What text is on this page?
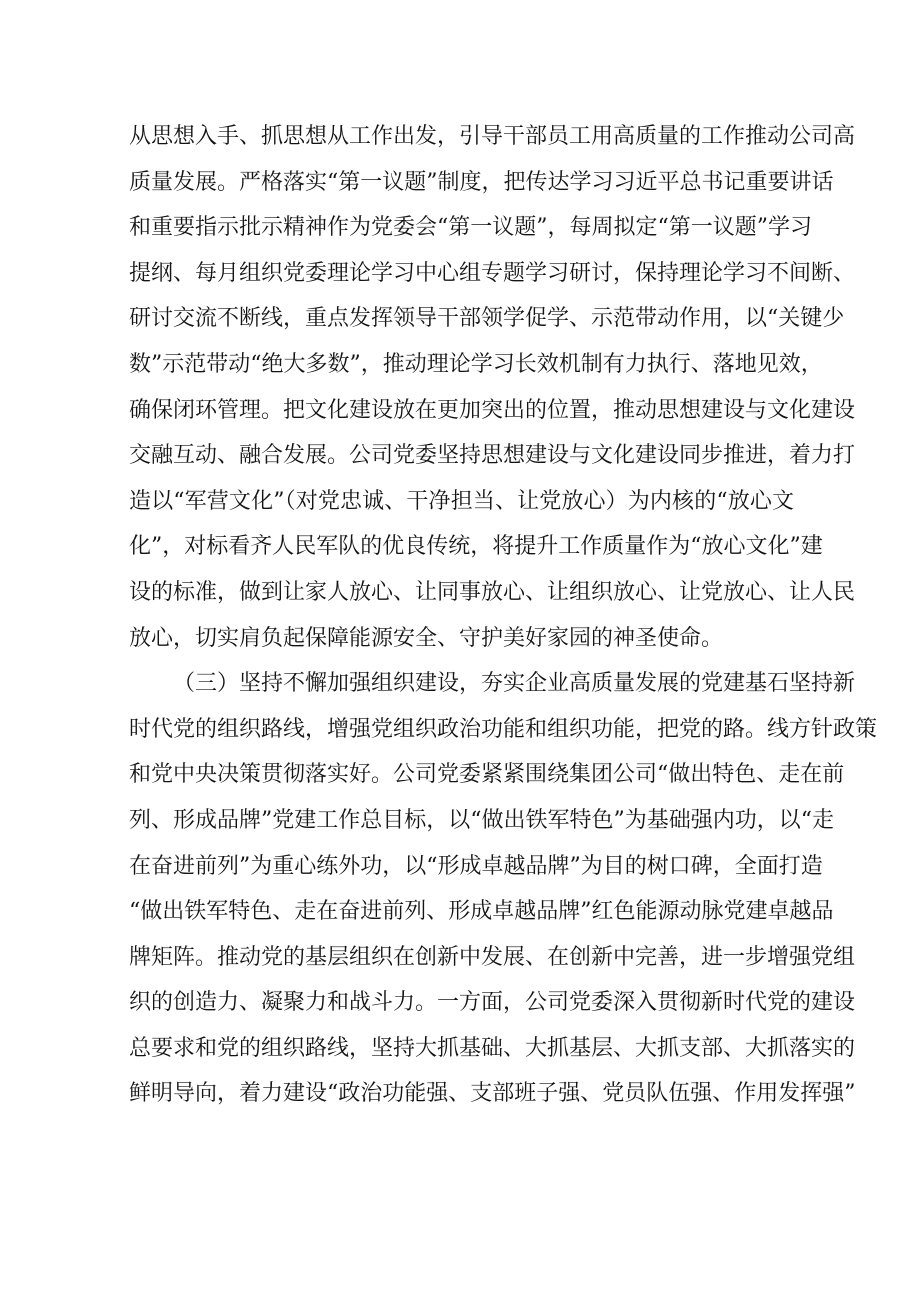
从思想入手、抓思想从工作出发，引导干部员工用高质量的工作推动公司高
质量发展。严格落实“第一议题”制度，把传达学习习近平总书记重要讲话
和重要指示批示精神作为党委会“第一议题”，每周拟定“第一议题”学习
提纲、每月组织党委理论学习中心组专题学习研讨，保持理论学习不间断、
研讨交流不断线，重点发挥领导干部领学促学、示范带动作用，以“关键少
数”示范带动“绝大多数”，推动理论学习长效机制有力执行、落地见效，
确保闭环管理。把文化建设放在更加突出的位置，推动思想建设与文化建设
交融互动、融合发展。公司党委坚持思想建设与文化建设同步推进，着力打
造以“军营文化”（对党忠诚、干净担当、让党放心）为内核的“放心文
化”，对标看齐人民军队的优良传统，将提升工作质量作为“放心文化”建
设的标准，做到让家人放心、让同事放心、让组织放心、让党放心、让人民
放心，切实肩负起保障能源安全、守护美好家园的神圣使命。
（三）坚持不懈加强组织建设，夯实企业高质量发展的党建基石坚持新
时代党的组织路线，增强党组织政治功能和组织功能，把党的路。线方针政策
和党中央决策贯彻落实好。公司党委紧紧围绕集团公司“做出特色、走在前
列、形成品牌”党建工作总目标，以“做出铁军特色”为基础强内功，以“走
在奋进前列”为重心练外功，以“形成卓越品牌”为目的树口碑，全面打造
“做出铁军特色、走在奋进前列、形成卓越品牌”红色能源动脉党建卓越品
牌矩阵。推动党的基层组织在创新中发展、在创新中完善，进一步增强党组
织的创造力、凝聚力和战斗力。一方面，公司党委深入贯彻新时代党的建设
总要求和党的组织路线，坚持大抓基础、大抓基层、大抓支部、大抓落实的
鲜明导向，着力建设“政治功能强、支部班子强、党员队伍强、作用发挥强”
